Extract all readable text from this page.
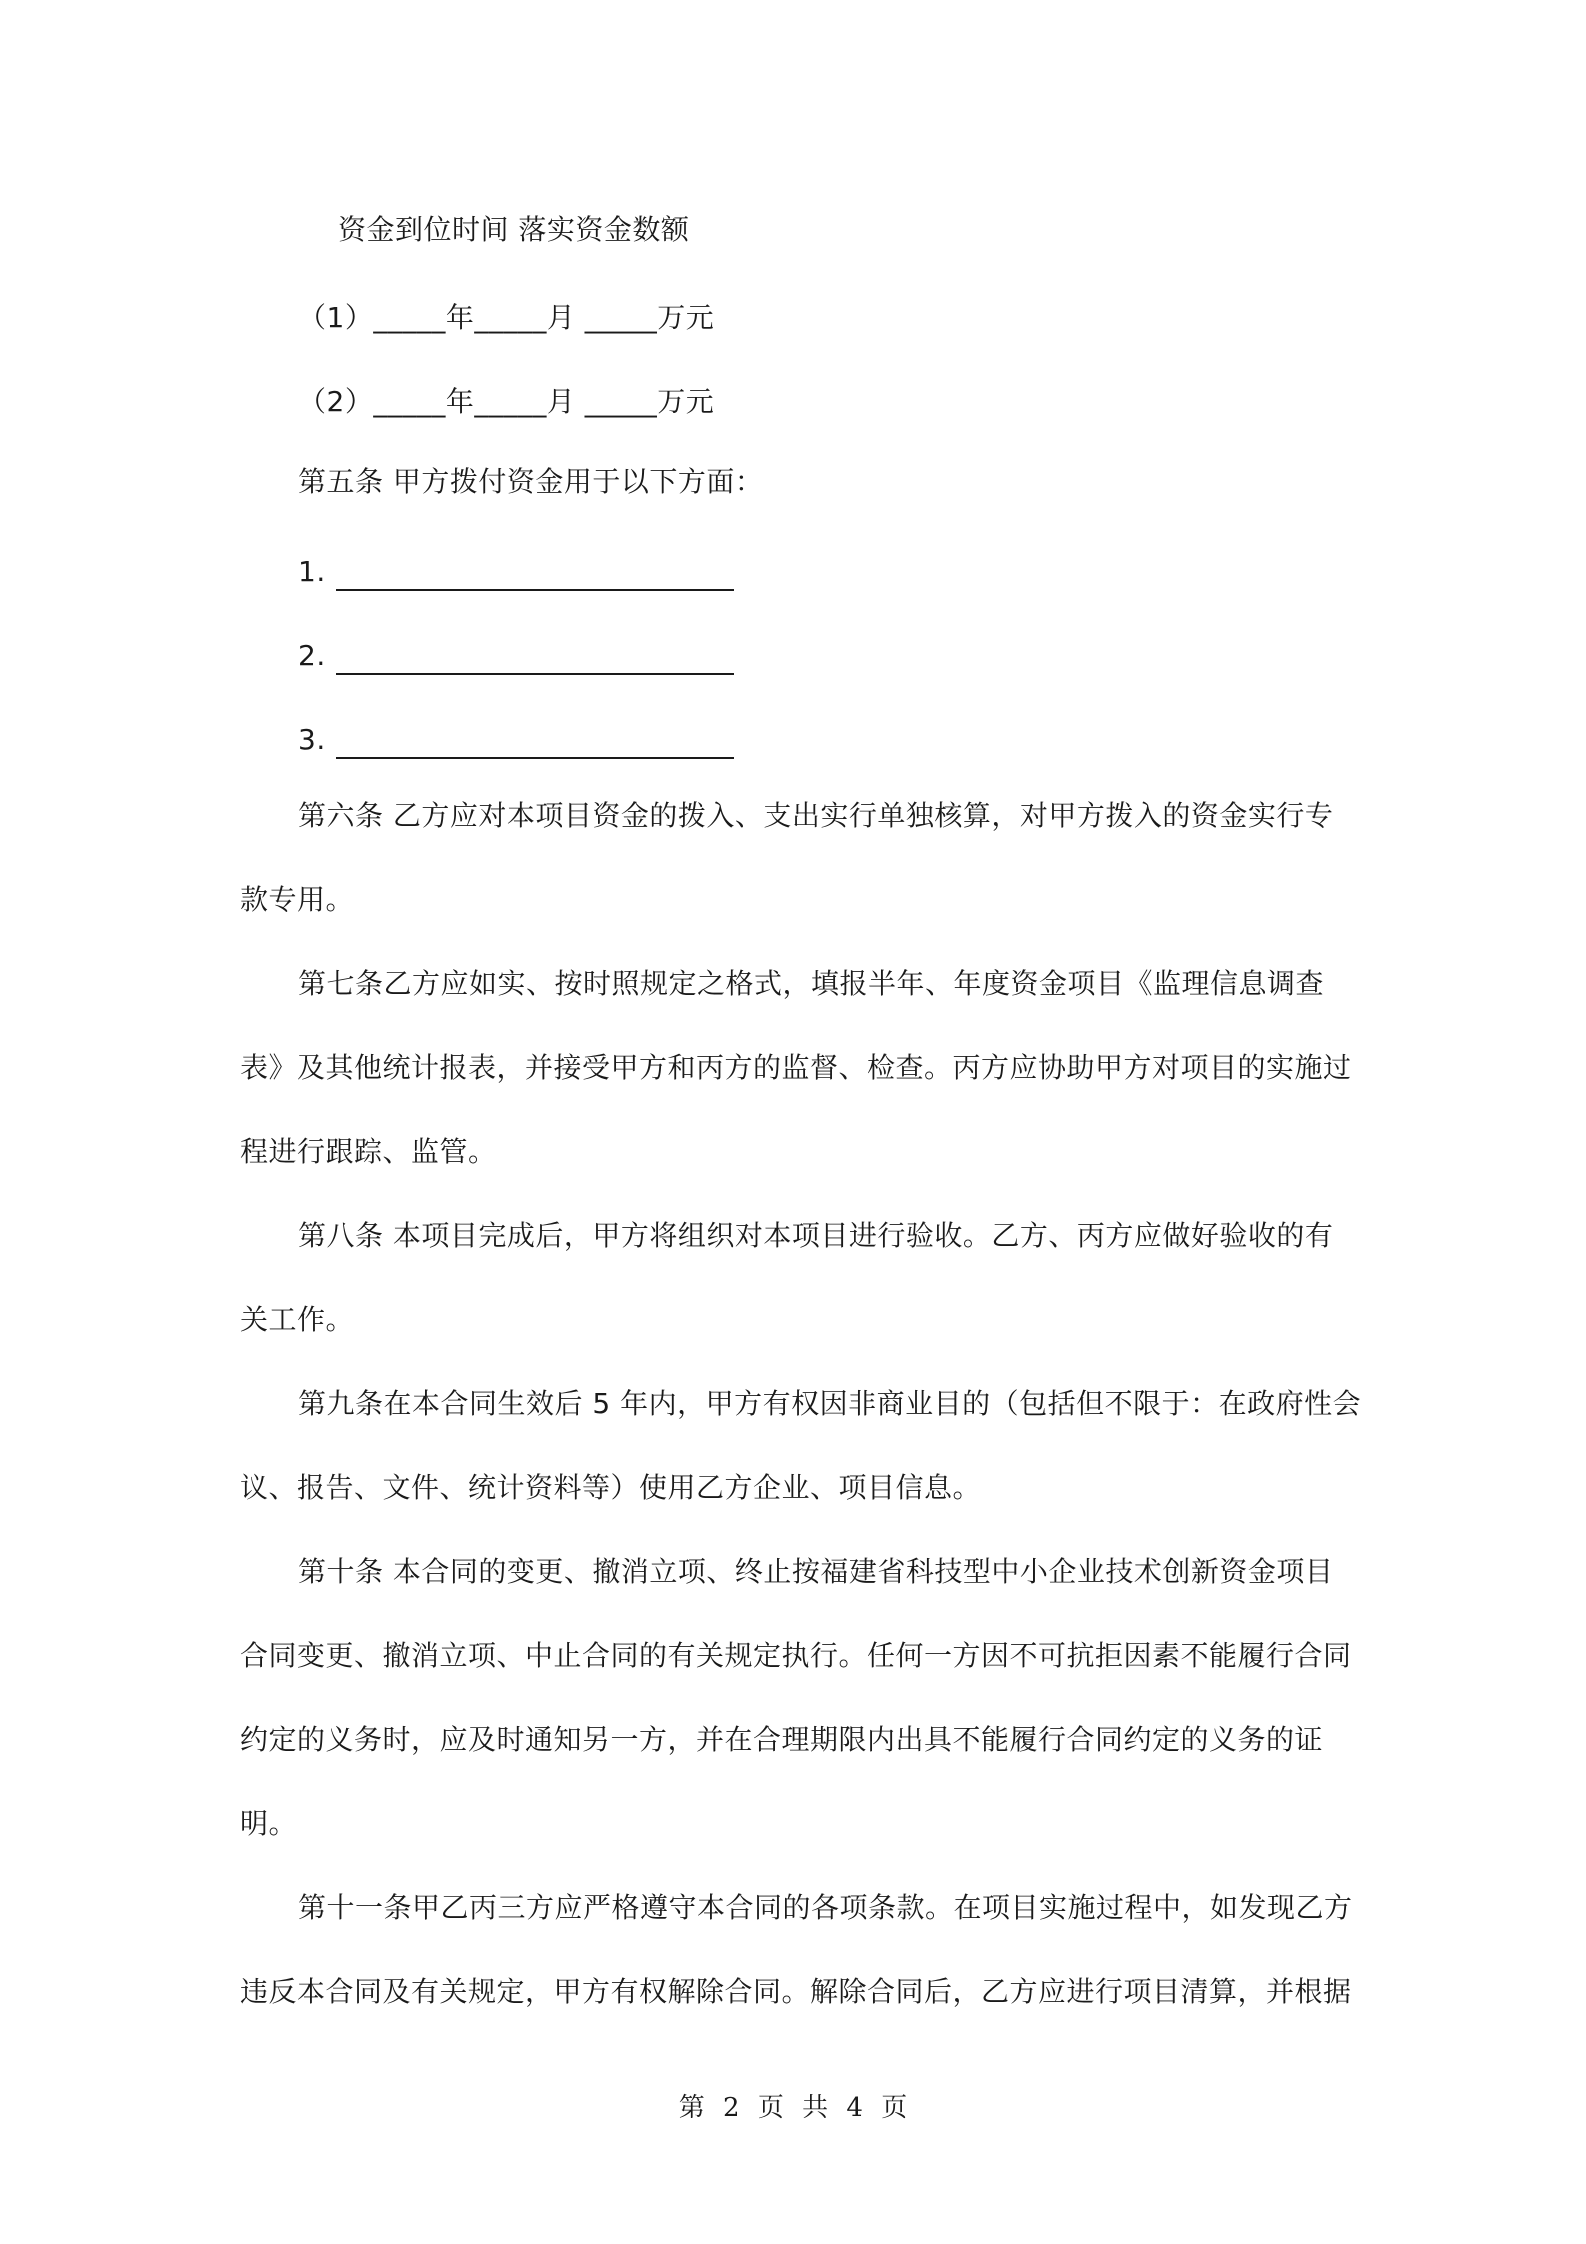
资金到位时间 落实资金数额
（1）_____年_____月 _____万元
（2）_____年_____月 _____万元
第五条 甲方拨付资金用于以下方面：
1.
2.
3.
第六条 乙方应对本项目资金的拨入、支出实行单独核算，对甲方拨入的资金实行专
款专用。
第七条乙方应如实、按时照规定之格式，填报半年、年度资金项目《监理信息调查
表》及其他统计报表，并接受甲方和丙方的监督、检查。丙方应协助甲方对项目的实施过
程进行跟踪、监管。
第八条 本项目完成后，甲方将组织对本项目进行验收。乙方、丙方应做好验收的有
关工作。
第九条在本合同生效后 5 年内，甲方有权因非商业目的（包括但不限于：在政府性会
议、报告、文件、统计资料等）使用乙方企业、项目信息。
第十条 本合同的变更、撤消立项、终止按福建省科技型中小企业技术创新资金项目
合同变更、撤消立项、中止合同的有关规定执行。任何一方因不可抗拒因素不能履行合同
约定的义务时，应及时通知另一方，并在合理期限内出具不能履行合同约定的义务的证
明。
第十一条甲乙丙三方应严格遵守本合同的各项条款。在项目实施过程中，如发现乙方
违反本合同及有关规定，甲方有权解除合同。解除合同后，乙方应进行项目清算，并根据
第 2 页 共 4 页
